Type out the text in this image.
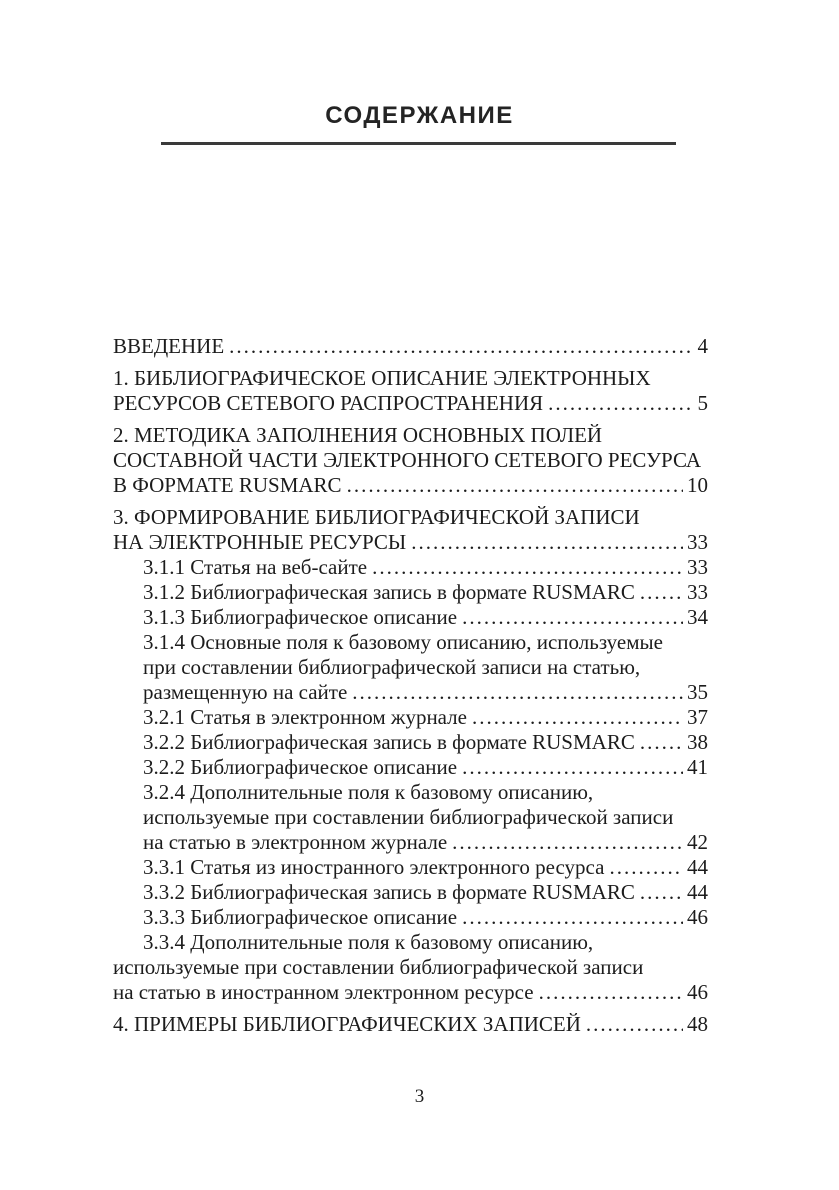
СОДЕРЖАНИЕ
ВВЕДЕНИЕ .....	4
1. БИБЛИОГРАФИЧЕСКОЕ ОПИСАНИЕ ЭЛЕКТРОННЫХ
РЕСУРСОВ СЕТЕВОГО РАСПРОСТРАНЕНИЯ .....	5
2. МЕТОДИКА ЗАПОЛНЕНИЯ ОСНОВНЫХ ПОЛЕЙ
СОСТАВНОЙ ЧАСТИ ЭЛЕКТРОННОГО СЕТЕВОГО РЕСУРСА
В ФОРМАТЕ RUSMARC .....	10
3. ФОРМИРОВАНИЕ БИБЛИОГРАФИЧЕСКОЙ ЗАПИСИ
НА ЭЛЕКТРОННЫЕ РЕСУРСЫ .....	33
3.1.1 Статья на веб-сайте .....	33
3.1.2 Библиографическая запись в формате RUSMARC ..... 33
3.1.3 Библиографическое описание .....	34
3.1.4 Основные поля к базовому описанию, используемые
при составлении библиографической записи на статью,
размещенную на сайте .....	35
3.2.1 Статья в электронном журнале .....	37
3.2.2 Библиографическая запись в формате RUSMARC ..... 38
3.2.2 Библиографическое описание .....	41
3.2.4 Дополнительные поля к базовому описанию,
используемые при составлении библиографической записи
на статью в электронном журнале .....	42
3.3.1 Статья из иностранного электронного ресурса .....	44
3.3.2 Библиографическая запись в формате RUSMARC ..... 44
3.3.3 Библиографическое описание .....	46
3.3.4 Дополнительные поля к базовому описанию,
используемые при составлении библиографической записи
на статью в иностранном электронном ресурсе .....	46
4. ПРИМЕРЫ БИБЛИОГРАФИЧЕСКИХ ЗАПИСЕЙ .....	48
3
